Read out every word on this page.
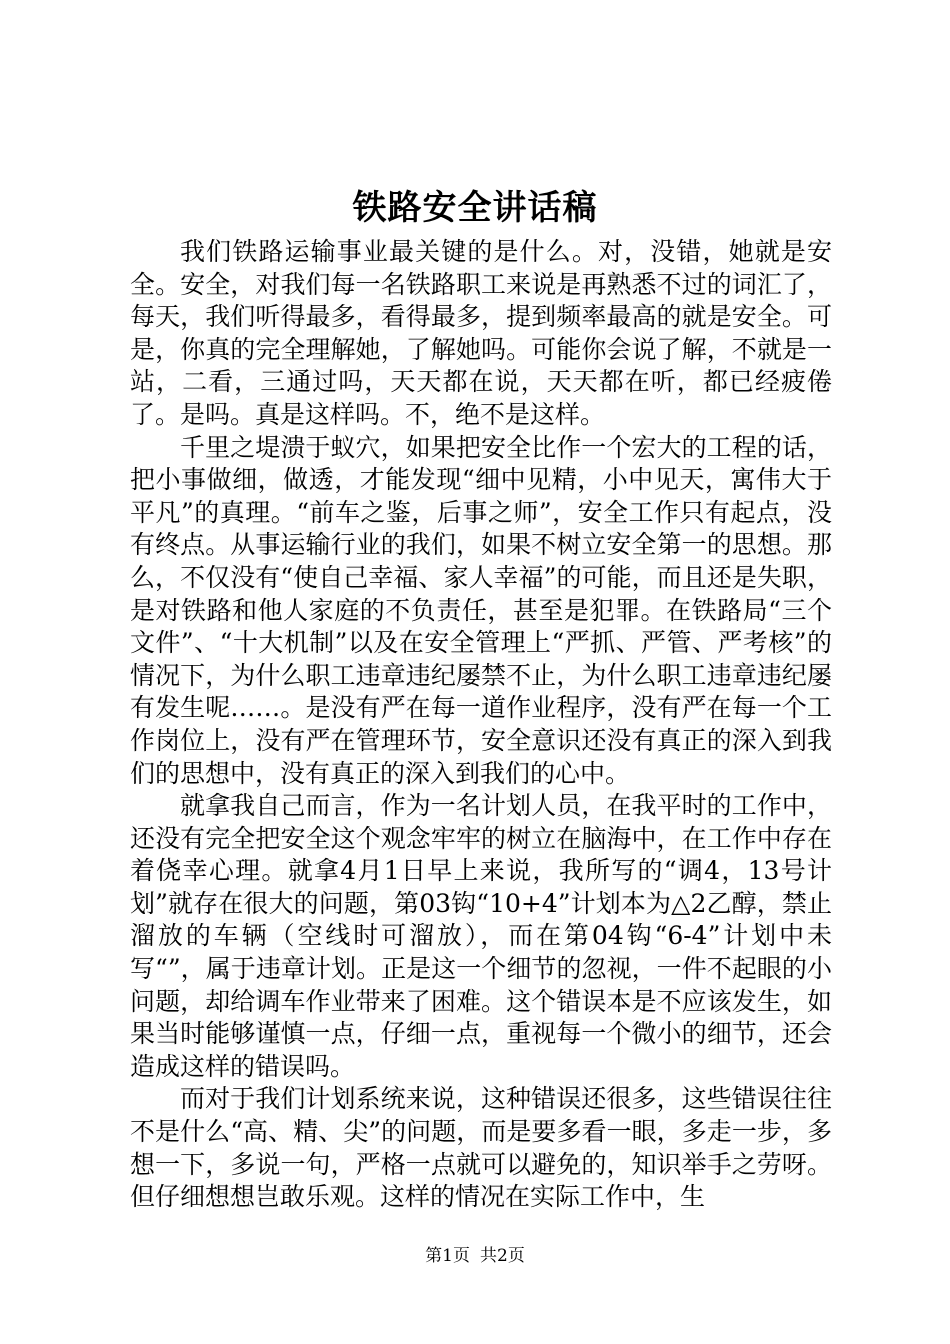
铁路安全讲话稿

我们铁路运输事业最关键的是什么。对，没错，她就是安全。安全，对我们每一名铁路职工来说是再熟悉不过的词汇了，每天，我们听得最多，看得最多，提到频率最高的就是安全。可是，你真的完全理解她，了解她吗。可能你会说了解，不就是一站，二看，三通过吗，天天都在说，天天都在听，都已经疲倦了。是吗。真是这样吗。不，绝不是这样。

千里之堤溃于蚁穴，如果把安全比作一个宏大的工程的话，把小事做细，做透，才能发现“细中见精，小中见天，寓伟大于平凡”的真理。“前车之鉴，后事之师”，安全工作只有起点，没有终点。从事运输行业的我们，如果不树立安全第一的思想。那么，不仅没有“使自己幸福、家人幸福”的可能，而且还是失职，是对铁路和他人家庭的不负责任，甚至是犯罪。在铁路局“三个文件”、“十大机制”以及在安全管理上“严抓、严管、严考核”的情况下，为什么职工违章违纪屡禁不止，为什么职工违章违纪屡有发生呢……。是没有严在每一道作业程序，没有严在每一个工作岗位上，没有严在管理环节，安全意识还没有真正的深入到我们的思想中，没有真正的深入到我们的心中。

就拿我自己而言，作为一名计划人员，在我平时的工作中，还没有完全把安全这个观念牢牢的树立在脑海中，在工作中存在着侥幸心理。就拿4月1日早上来说，我所写的“调4，13号计划”就存在很大的问题，第03钩“10+4”计划本为△2乙醇，禁止溜放的车辆（空线时可溜放），而在第04钩“6-4”计划中未写“”，属于违章计划。正是这一个细节的忽视，一件不起眼的小问题，却给调车作业带来了困难。这个错误本是不应该发生，如果当时能够谨慎一点，仔细一点，重视每一个微小的细节，还会造成这样的错误吗。

而对于我们计划系统来说，这种错误还很多，这些错误往往不是什么“高、精、尖”的问题，而是要多看一眼，多走一步，多想一下，多说一句，严格一点就可以避免的，知识举手之劳呀。但仔细想想岂敢乐观。这样的情况在实际工作中，生

第1页 共2页
